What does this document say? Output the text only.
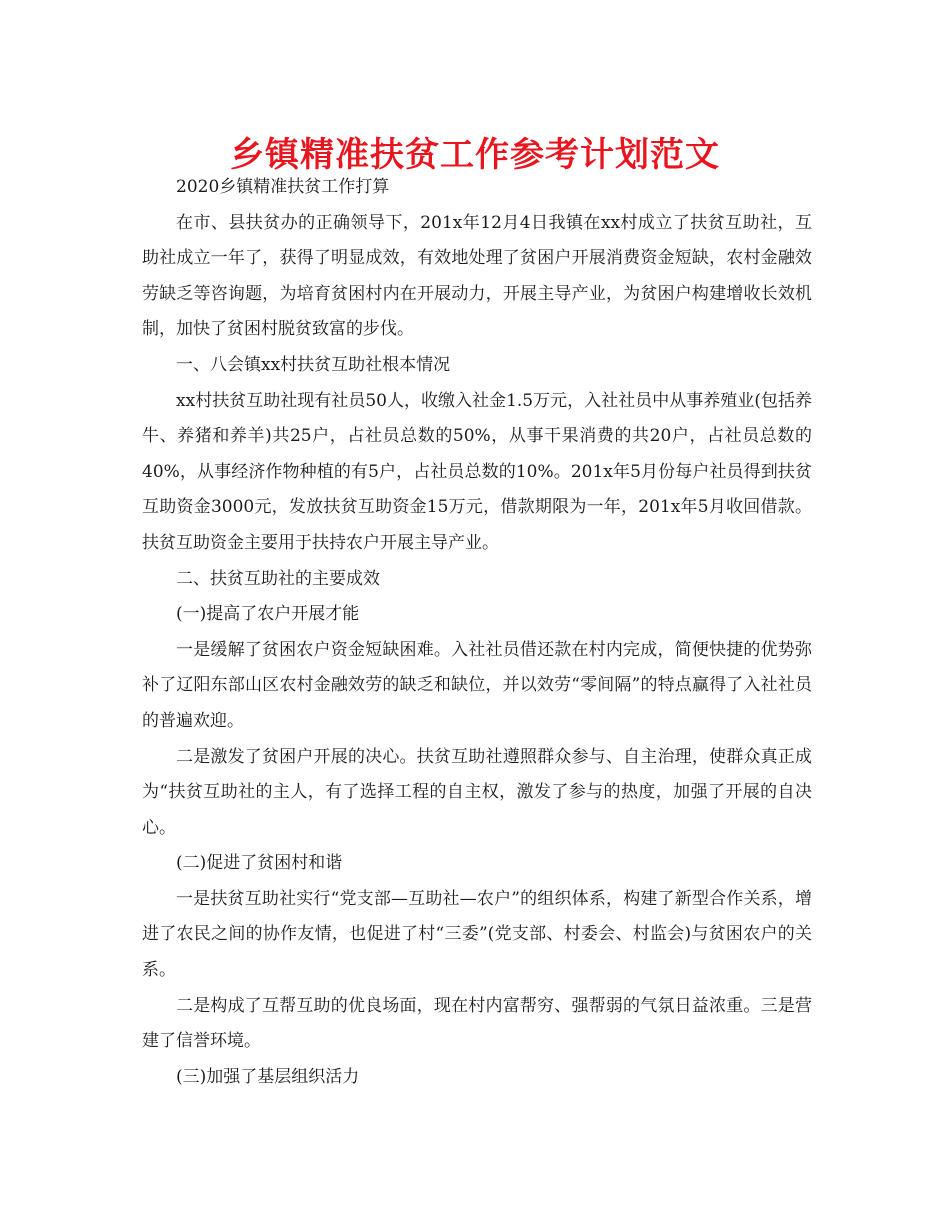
乡镇精准扶贫工作参考计划范文

2020乡镇精准扶贫工作打算

在市、县扶贫办的正确领导下，201x年12月4日我镇在xx村成立了扶贫互助社，互助社成立一年了，获得了明显成效，有效地处理了贫困户开展消费资金短缺，农村金融效劳缺乏等咨询题，为培育贫困村内在开展动力，开展主导产业，为贫困户构建增收长效机制，加快了贫困村脱贫致富的步伐。

一、八会镇xx村扶贫互助社根本情况

xx村扶贫互助社现有社员50人，收缴入社金1.5万元，入社社员中从事养殖业(包括养牛、养猪和养羊)共25户，占社员总数的50%，从事干果消费的共20户，占社员总数的40%，从事经济作物种植的有5户，占社员总数的10%。201x年5月份每户社员得到扶贫互助资金3000元，发放扶贫互助资金15万元，借款期限为一年，201x年5月收回借款。扶贫互助资金主要用于扶持农户开展主导产业。

二、扶贫互助社的主要成效

(一)提高了农户开展才能

一是缓解了贫困农户资金短缺困难。入社社员借还款在村内完成，简便快捷的优势弥补了辽阳东部山区农村金融效劳的缺乏和缺位，并以效劳“零间隔”的特点赢得了入社社员的普遍欢迎。

二是激发了贫困户开展的决心。扶贫互助社遵照群众参与、自主治理，使群众真正成为“扶贫互助社的主人，有了选择工程的自主权，激发了参与的热度，加强了开展的自决心。

(二)促进了贫困村和谐

一是扶贫互助社实行“党支部—互助社—农户”的组织体系，构建了新型合作关系，增进了农民之间的协作友情，也促进了村“三委”(党支部、村委会、村监会)与贫困农户的关系。

二是构成了互帮互助的优良场面，现在村内富帮穷、强帮弱的气氛日益浓重。三是营建了信誉环境。

(三)加强了基层组织活力
